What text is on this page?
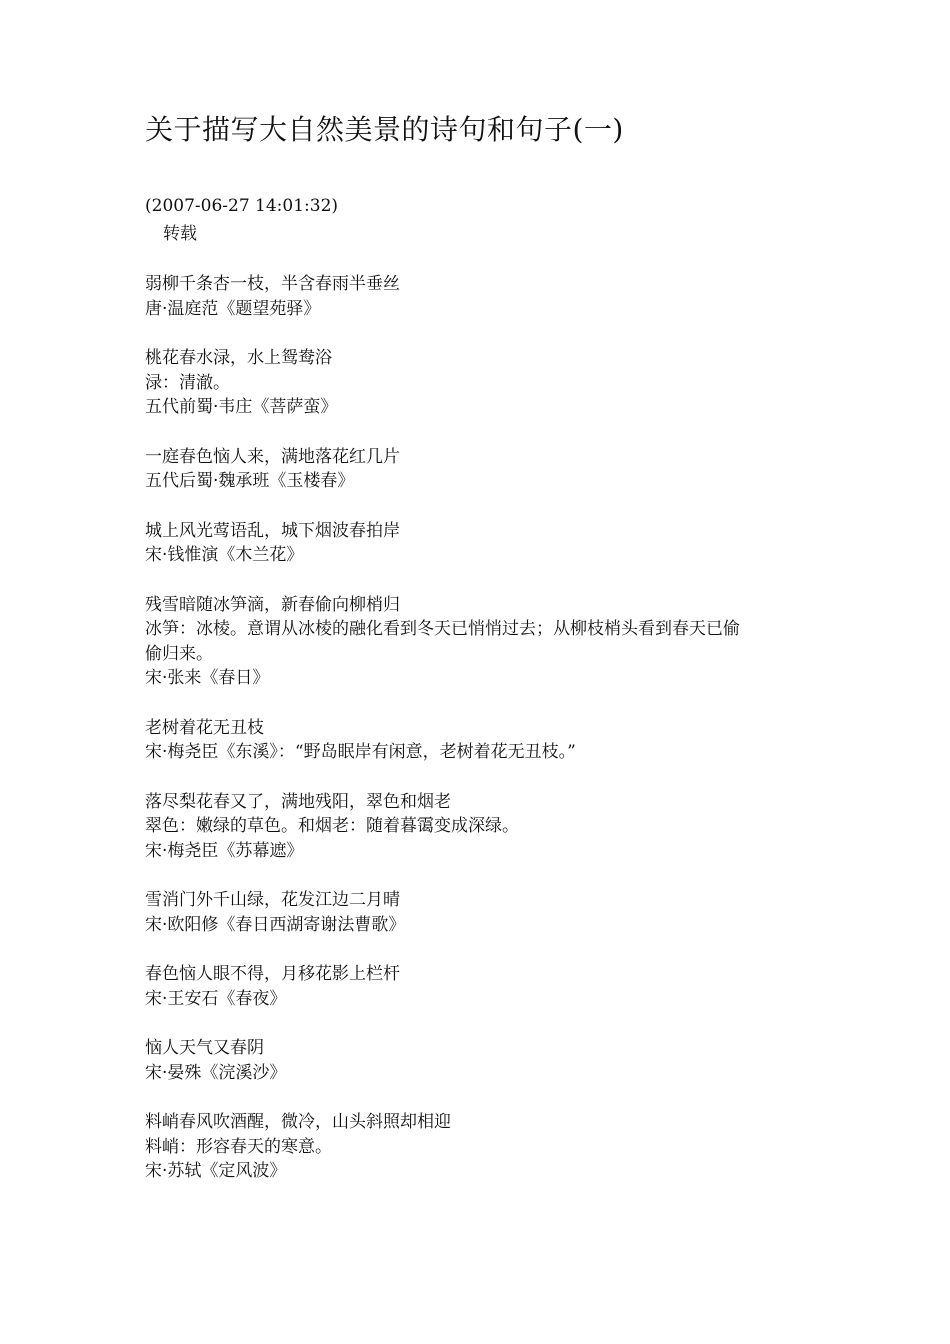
关于描写大自然美景的诗句和句子(一)
(2007-06-27 14:01:32)
转载
弱柳千条杏一枝，半含春雨半垂丝
唐·温庭范《题望苑驿》
桃花春水渌，水上鸳鸯浴
渌：清澈。
五代前蜀·韦庄《菩萨蛮》
一庭春色恼人来，满地落花红几片
五代后蜀·魏承班《玉楼春》
城上风光莺语乱，城下烟波春拍岸
宋·钱惟演《木兰花》
残雪暗随冰笋滴，新春偷向柳梢归
冰笋：冰棱。意谓从冰棱的融化看到冬天已悄悄过去；从柳枝梢头看到春天已偷
偷归来。
宋·张来《春日》
老树着花无丑枝
宋·梅尧臣《东溪》：“野岛眠岸有闲意，老树着花无丑枝。”
落尽梨花春又了，满地残阳，翠色和烟老
翠色：嫩绿的草色。和烟老：随着暮霭变成深绿。
宋·梅尧臣《苏幕遮》
雪消门外千山绿，花发江边二月晴
宋·欧阳修《春日西湖寄谢法曹歌》
春色恼人眼不得，月移花影上栏杆
宋·王安石《春夜》
恼人天气又春阴
宋·晏殊《浣溪沙》
料峭春风吹酒醒，微冷，山头斜照却相迎
料峭：形容春天的寒意。
宋·苏轼《定风波》
